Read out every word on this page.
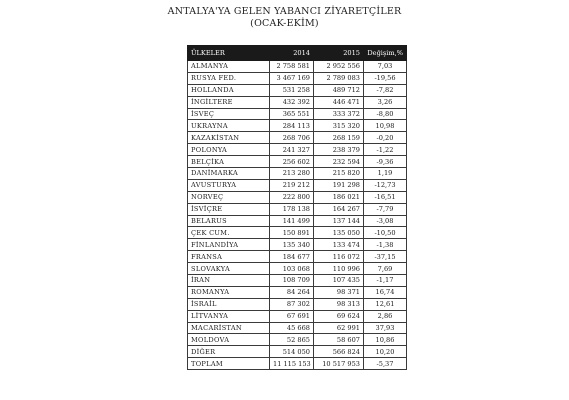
ANTALYA'YA GELEN YABANCI ZİYARETÇİLER
(OCAK-EKİM)
ÜLKELER	2014	2015	Değişim,%
ALMANYA	2 758 581	2 952 556	7,03
RUSYA FED.	3 467 169	2 789 083	-19,56
HOLLANDA	531 258	489 712	-7,82
İNGİLTERE	432 392	446 471	3,26
İSVEÇ	365 551	333 372	-8,80
UKRAYNA	284 113	315 320	10,98
KAZAKİSTAN	268 706	268 159	-0,20
POLONYA	241 327	238 379	-1,22
BELÇİKA	256 602	232 594	-9,36
DANİMARKA	213 280	215 820	1,19
AVUSTURYA	219 212	191 298	-12,73
NORVEÇ	222 800	186 021	-16,51
İSVİÇRE	178 138	164 267	-7,79
BELARUS	141 499	137 144	-3,08
ÇEK CUM.	150 891	135 050	-10,50
FİNLANDİYA	135 340	133 474	-1,38
FRANSA	184 677	116 072	-37,15
SLOVAKYA	103 068	110 996	7,69
İRAN	108 709	107 435	-1,17
ROMANYA	84 264	98 371	16,74
İSRAİL	87 302	98 313	12,61
LİTVANYA	67 691	69 624	2,86
MACARİSTAN	45 668	62 991	37,93
MOLDOVA	52 865	58 607	10,86
DİĞER	514 050	566 824	10,20
TOPLAM	11 115 153	10 517 953	-5,37
